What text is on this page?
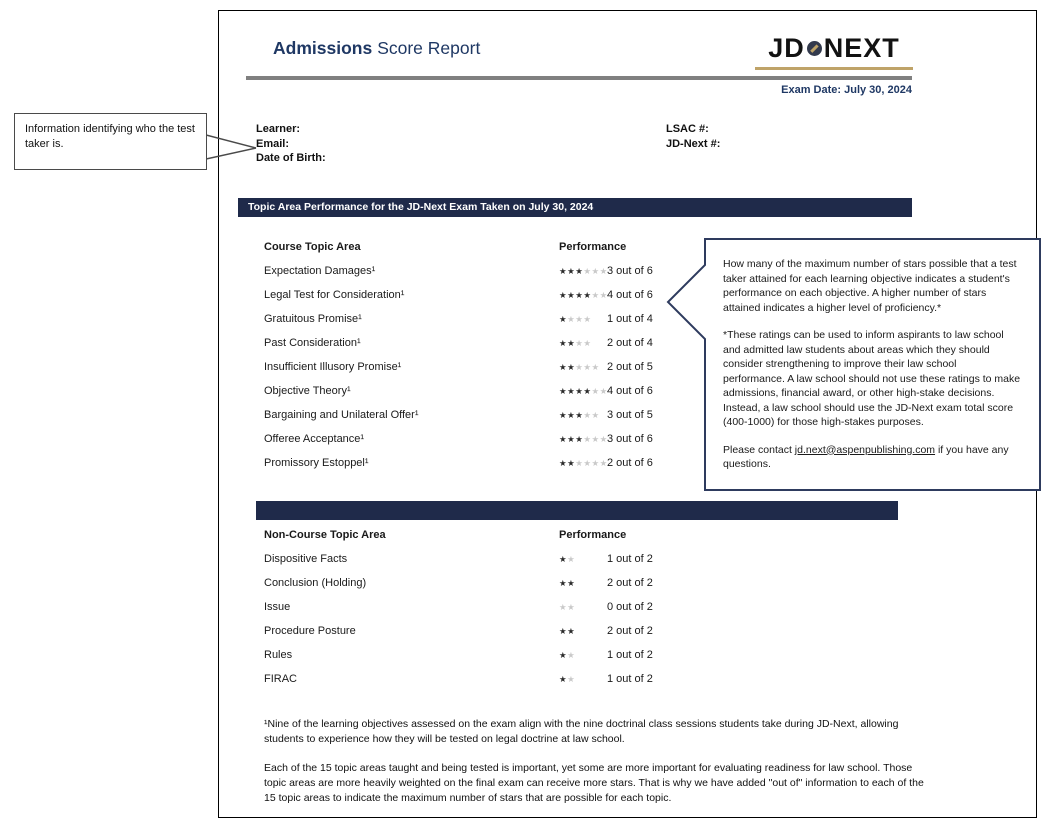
Admissions Score Report	JD NEXT
Exam Date: July 30, 2024
Learner:
Email:
Date of Birth:
LSAC #:
JD-Next #:
Topic Area Performance for the JD-Next Exam Taken on July 30, 2024
Course Topic Area	Performance
Expectation Damages¹	★★★★★★ 3 out of 6
Legal Test for Consideration¹	★★★★★★ 4 out of 6
Gratuitous Promise¹	★★★★	1 out of 4
Past Consideration¹	★★★★	2 out of 4
Insufficient Illusory Promise¹	★★★★★ 2 out of 5
Objective Theory¹	★★★★★★ 4 out of 6
Bargaining and Unilateral Offer¹	★★★★★ 3 out of 5
Offeree Acceptance¹	★★★★★★ 3 out of 6
Promissory Estoppel¹	★★★★★★ 2 out of 6

How many of the maximum number of stars possible that a test taker attained for each learning objective indicates a student's performance on each objective. A higher number of stars attained indicates a higher level of proficiency.*

*These ratings can be used to inform aspirants to law school and admitted law students about areas which they should consider strengthening to improve their law school performance. A law school should not use these ratings to make admissions, financial award, or other high-stake decisions. Instead, a law school should use the JD-Next exam total score (400-1000) for those high-stakes purposes.

Please contact jd.next@aspenpublishing.com if you have any questions.

Non-Course Topic Area	Performance
Dispositive Facts	★★	1 out of 2
Conclusion (Holding)	★★	2 out of 2
Issue	★★	0 out of 2
Procedure Posture	★★	2 out of 2
Rules	★★	1 out of 2
FIRAC	★★	1 out of 2

¹Nine of the learning objectives assessed on the exam align with the nine doctrinal class sessions students take during JD-Next, allowing students to experience how they will be tested on legal doctrine at law school.

Each of the 15 topic areas taught and being tested is important, yet some are more important for evaluating readiness for law school. Those topic areas are more heavily weighted on the final exam can receive more stars. That is why we have added "out of" information to each of the 15 topic areas to indicate the maximum number of stars that are possible for each topic.

Information identifying who the test taker is.
